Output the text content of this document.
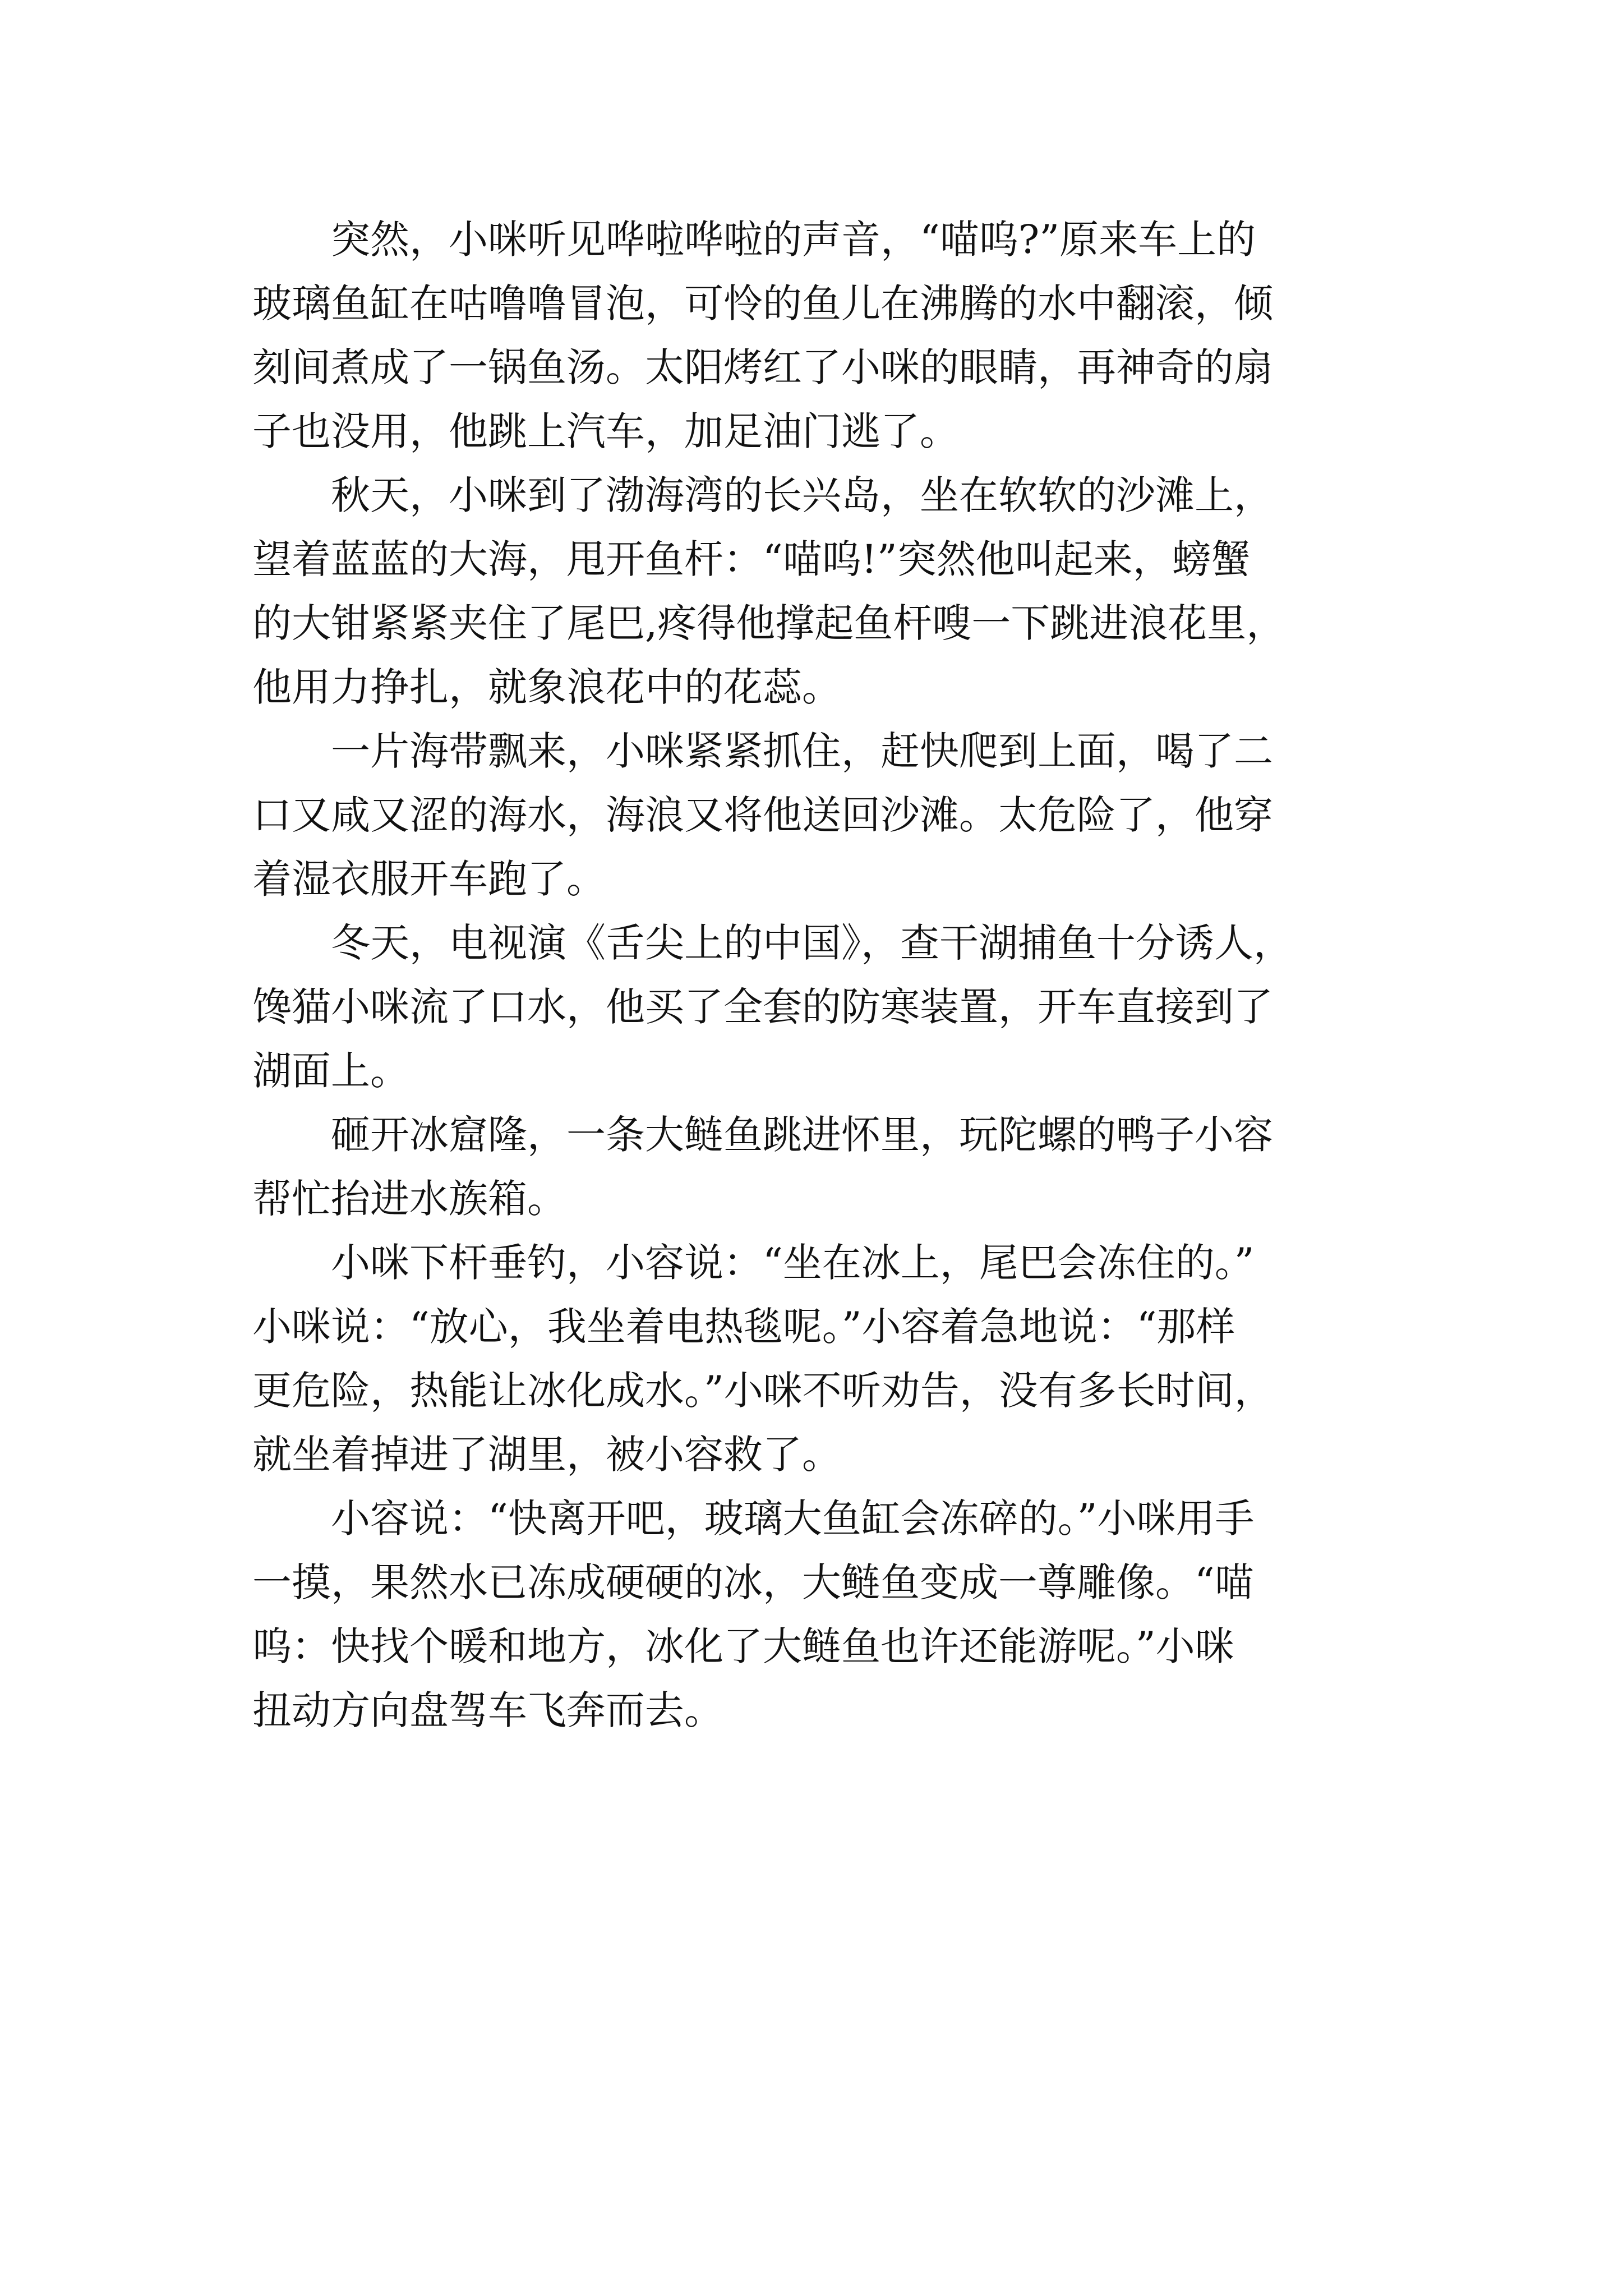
突然，小咪听见哗啦哗啦的声音，“喵呜?”原来车上的
玻璃鱼缸在咕噜噜冒泡，可怜的鱼儿在沸腾的水中翻滚，倾
刻间煮成了一锅鱼汤。太阳烤红了小咪的眼睛，再神奇的扇
子也没用，他跳上汽车，加足油门逃了。
秋天，小咪到了渤海湾的长兴岛，坐在软软的沙滩上，
望着蓝蓝的大海，甩开鱼杆：“喵呜!”突然他叫起来，螃蟹
的大钳紧紧夹住了尾巴,疼得他撑起鱼杆嗖一下跳进浪花里，
他用力挣扎，就象浪花中的花蕊。
一片海带飘来，小咪紧紧抓住，赶快爬到上面，喝了二
口又咸又涩的海水，海浪又将他送回沙滩。太危险了，他穿
着湿衣服开车跑了。
冬天，电视演《舌尖上的中国》，查干湖捕鱼十分诱人，
馋猫小咪流了口水，他买了全套的防寒装置，开车直接到了
湖面上。
砸开冰窟隆，一条大鲢鱼跳进怀里，玩陀螺的鸭子小容
帮忙抬进水族箱。
小咪下杆垂钓，小容说：“坐在冰上，尾巴会冻住的。”
小咪说：“放心，我坐着电热毯呢。”小容着急地说：“那样
更危险，热能让冰化成水。”小咪不听劝告，没有多长时间，
就坐着掉进了湖里，被小容救了。
小容说：“快离开吧，玻璃大鱼缸会冻碎的。”小咪用手
一摸，果然水已冻成硬硬的冰，大鲢鱼变成一尊雕像。“喵
呜：快找个暖和地方，冰化了大鲢鱼也许还能游呢。”小咪
扭动方向盘驾车飞奔而去。
